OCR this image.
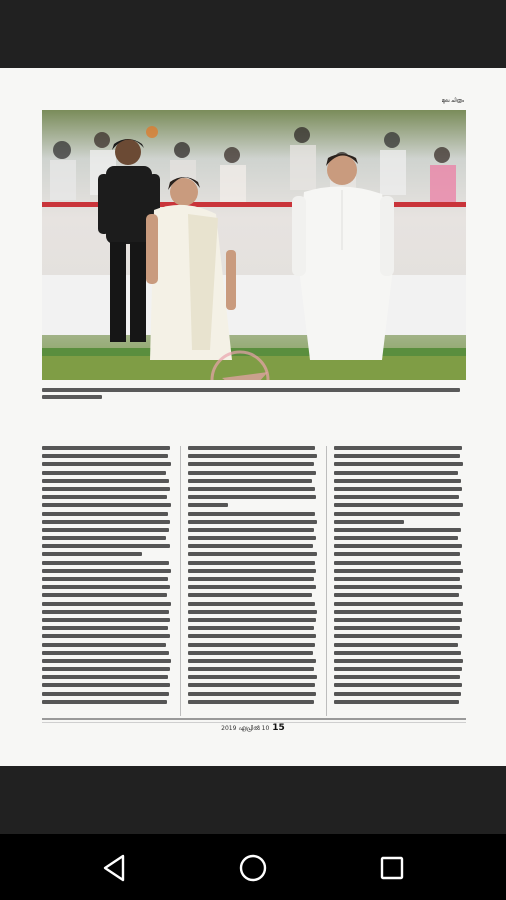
മുഖ ചിത്രം
2019 ഏപ്രിൽ 10 15
